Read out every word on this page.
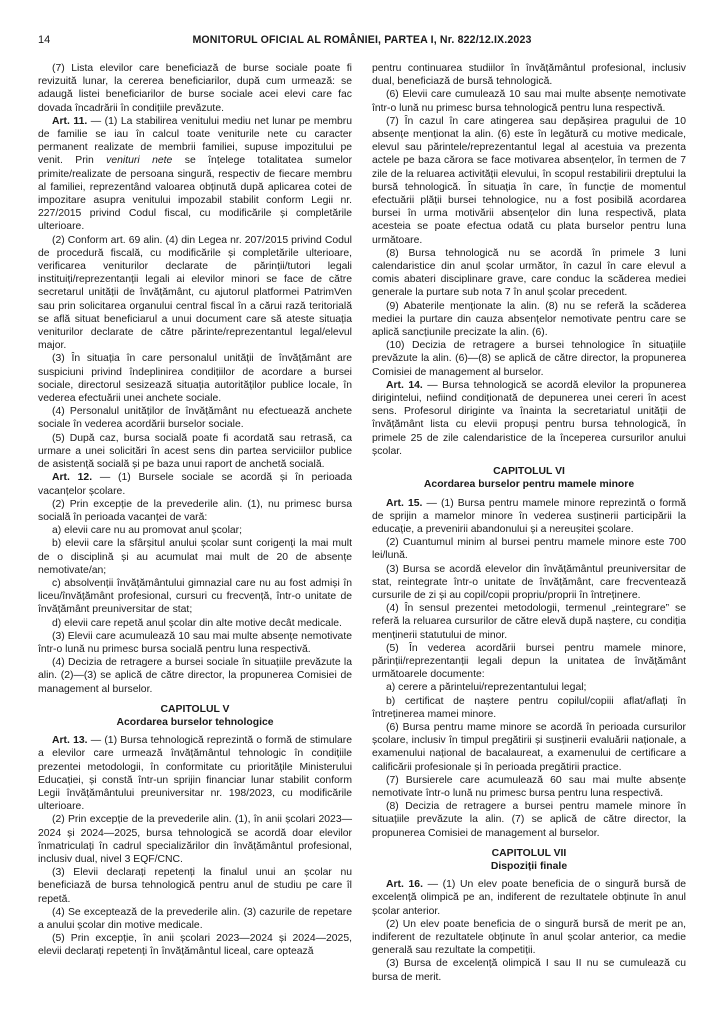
14	MONITORUL OFICIAL AL ROMÂNIEI, PARTEA I, Nr. 822/12.IX.2023

(7) Lista elevilor care beneficiază de burse sociale poate fi revizuită lunar, la cererea beneficiarilor, după cum urmează: se adaugă listei beneficiarilor de burse sociale acei elevi care fac dovada încadrării în condițiile prevăzute.

Art. 11. — (1) La stabilirea venitului mediu net lunar pe membru de familie se iau în calcul toate veniturile nete cu caracter permanent realizate de membrii familiei, supuse impozitului pe venit. Prin venituri nete se înțelege totalitatea sumelor primite/realizate de persoana singură, respectiv de fiecare membru al familiei, reprezentând valoarea obținută după aplicarea cotei de impozitare asupra venitului impozabil stabilit conform Legii nr. 227/2015 privind Codul fiscal, cu modificările și completările ulterioare.

(2) Conform art. 69 alin. (4) din Legea nr. 207/2015 privind Codul de procedură fiscală, cu modificările și completările ulterioare, verificarea veniturilor declarate de părinții/tutori legali instituiți/reprezentanții legali ai elevilor minori se face de către secretarul unității de învățământ, cu ajutorul platformei PatrimVen sau prin solicitarea organului central fiscal în a cărui rază teritorială se află situat beneficiarul a unui document care să ateste situația veniturilor declarate de către părinte/reprezentantul legal/elevul major.

(3) În situația în care personalul unității de învățământ are suspiciuni privind îndeplinirea condițiilor de acordare a bursei sociale, directorul sesizează situația autorităților publice locale, în vederea efectuării unei anchete sociale.

(4) Personalul unităților de învățământ nu efectuează anchete sociale în vederea acordării burselor sociale.

(5) După caz, bursa socială poate fi acordată sau retrasă, ca urmare a unei solicitări în acest sens din partea serviciilor publice de asistență socială și pe baza unui raport de anchetă socială.

Art. 12. — (1) Bursele sociale se acordă și în perioada vacanțelor școlare.

(2) Prin excepție de la prevederile alin. (1), nu primesc bursa socială în perioada vacanței de vară:

a) elevii care nu au promovat anul școlar;

b) elevii care la sfârșitul anului școlar sunt corigenți la mai mult de o disciplină și au acumulat mai mult de 20 de absențe nemotivate/an;

c) absolvenții învățământului gimnazial care nu au fost admiși în liceu/învățământ profesional, cursuri cu frecvență, într-o unitate de învățământ preuniversitar de stat;

d) elevii care repetă anul școlar din alte motive decât medicale.

(3) Elevii care acumulează 10 sau mai multe absențe nemotivate într-o lună nu primesc bursa socială pentru luna respectivă.

(4) Decizia de retragere a bursei sociale în situațiile prevăzute la alin. (2)—(3) se aplică de către director, la propunerea Comisiei de management al burselor.

CAPITOLUL V
Acordarea burselor tehnologice

Art. 13. — (1) Bursa tehnologică reprezintă o formă de stimulare a elevilor care urmează învățământul tehnologic în condițiile prezentei metodologii, în conformitate cu prioritățile Ministerului Educației, și constă într-un sprijin financiar lunar stabilit conform Legii învățământului preuniversitar nr. 198/2023, cu modificările ulterioare.

(2) Prin excepție de la prevederile alin. (1), în anii școlari 2023—2024 și 2024—2025, bursa tehnologică se acordă doar elevilor înmatriculați în cadrul specializărilor din învățământul profesional, inclusiv dual, nivel 3 EQF/CNC.

(3) Elevii declarați repetenți la finalul unui an școlar nu beneficiază de bursa tehnologică pentru anul de studiu pe care îl repetă.

(4) Se exceptează de la prevederile alin. (3) cazurile de repetare a anului școlar din motive medicale.

(5) Prin excepție, în anii școlari 2023—2024 și 2024—2025, elevii declarați repetenți în învățământul liceal, care optează

pentru continuarea studiilor în învățământul profesional, inclusiv dual, beneficiază de bursă tehnologică.

(6) Elevii care cumulează 10 sau mai multe absențe nemotivate într-o lună nu primesc bursa tehnologică pentru luna respectivă.

(7) În cazul în care atingerea sau depășirea pragului de 10 absențe menționat la alin. (6) este în legătură cu motive medicale, elevul sau părintele/reprezentantul legal al acestuia va prezenta actele pe baza cărora se face motivarea absențelor, în termen de 7 zile de la reluarea activității elevului, în scopul restabilirii dreptului la bursă tehnologică. În situația în care, în funcție de momentul efectuării plății bursei tehnologice, nu a fost posibilă acordarea bursei în urma motivării absențelor din luna respectivă, plata acesteia se poate efectua odată cu plata burselor pentru luna următoare.

(8) Bursa tehnologică nu se acordă în primele 3 luni calendaristice din anul școlar următor, în cazul în care elevul a comis abateri disciplinare grave, care conduc la scăderea mediei generale la purtare sub nota 7 în anul școlar precedent.

(9) Abaterile menționate la alin. (8) nu se referă la scăderea mediei la purtare din cauza absențelor nemotivate pentru care se aplică sancțiunile precizate la alin. (6).

(10) Decizia de retragere a bursei tehnologice în situațiile prevăzute la alin. (6)—(8) se aplică de către director, la propunerea Comisiei de management al burselor.

Art. 14. — Bursa tehnologică se acordă elevilor la propunerea dirigintelui, nefiind condiționată de depunerea unei cereri în acest sens. Profesorul diriginte va înainta la secretariatul unității de învățământ lista cu elevii propuși pentru bursa tehnologică, în primele 25 de zile calendaristice de la începerea cursurilor anului școlar.

CAPITOLUL VI
Acordarea burselor pentru mamele minore

Art. 15. — (1) Bursa pentru mamele minore reprezintă o formă de sprijin a mamelor minore în vederea susținerii participării la educație, a prevenirii abandonului și a nereușitei școlare.

(2) Cuantumul minim al bursei pentru mamele minore este 700 lei/lună.

(3) Bursa se acordă elevelor din învățământul preuniversitar de stat, reintegrate într-o unitate de învățământ, care frecventează cursurile de zi și au copil/copii propriu/proprii în întreținere.

(4) În sensul prezentei metodologii, termenul „reintegrare” se referă la reluarea cursurilor de către elevă după naștere, cu condiția menținerii statutului de minor.

(5) În vederea acordării bursei pentru mamele minore, părinții/reprezentanții legali depun la unitatea de învățământ următoarele documente:

a) cerere a părintelui/reprezentantului legal;

b) certificat de naștere pentru copilul/copiii aflat/aflați în întreținerea mamei minore.

(6) Bursa pentru mame minore se acordă în perioada cursurilor școlare, inclusiv în timpul pregătirii și susținerii evaluării naționale, a examenului național de bacalaureat, a examenului de certificare a calificării profesionale și în perioada pregătirii practice.

(7) Bursierele care acumulează 60 sau mai multe absențe nemotivate într-o lună nu primesc bursa pentru luna respectivă.

(8) Decizia de retragere a bursei pentru mamele minore în situațiile prevăzute la alin. (7) se aplică de către director, la propunerea Comisiei de management al burselor.

CAPITOLUL VII
Dispoziții finale

Art. 16. — (1) Un elev poate beneficia de o singură bursă de excelență olimpică pe an, indiferent de rezultatele obținute în anul școlar anterior.

(2) Un elev poate beneficia de o singură bursă de merit pe an, indiferent de rezultatele obținute în anul școlar anterior, ca medie generală sau rezultate la competiții.

(3) Bursa de excelență olimpică I sau II nu se cumulează cu bursa de merit.
